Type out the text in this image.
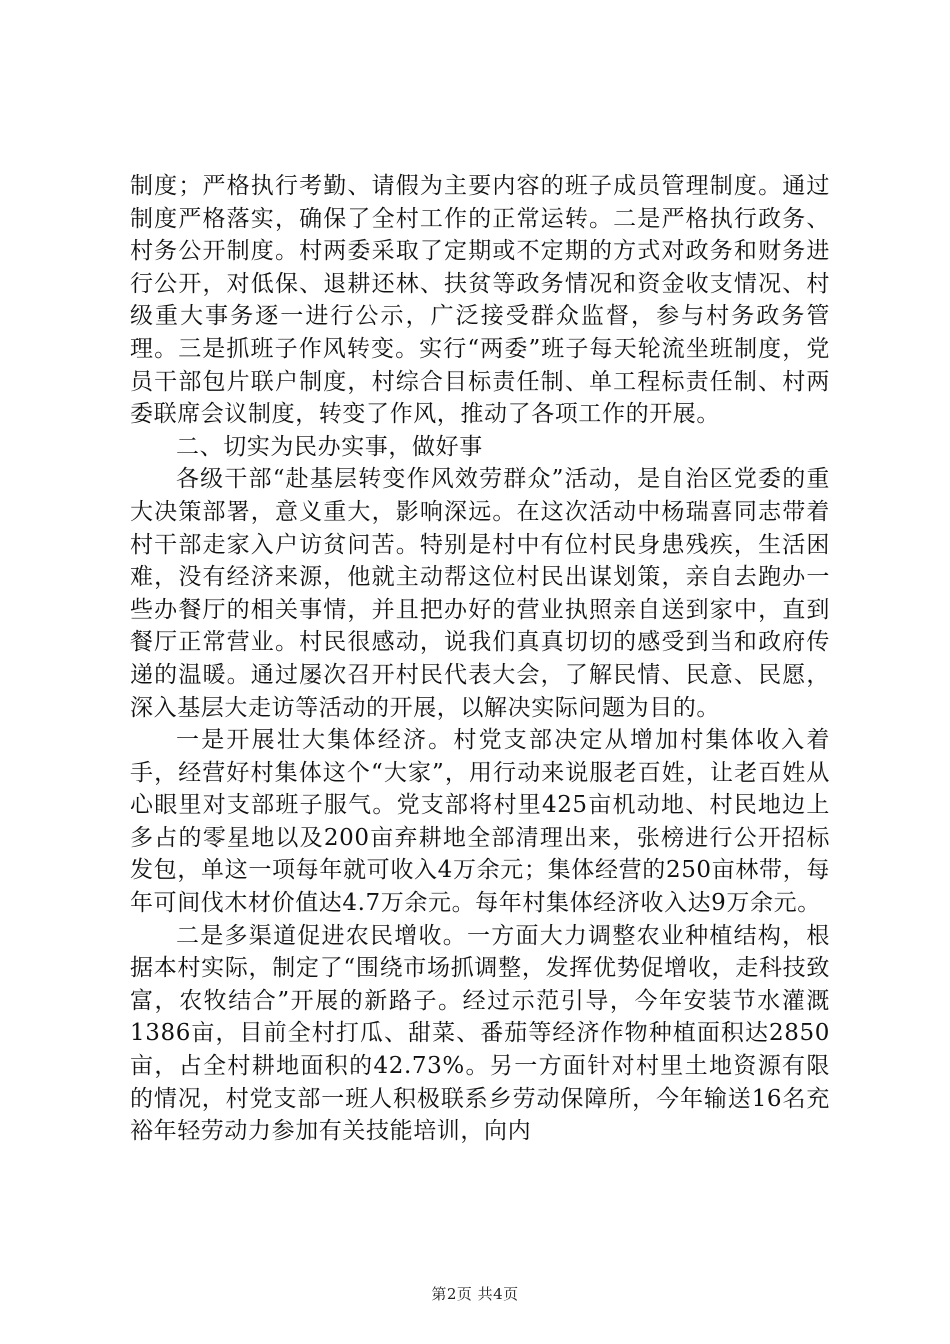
制度；严格执行考勤、请假为主要内容的班子成员管理制度。通过制度严格落实，确保了全村工作的正常运转。二是严格执行政务、村务公开制度。村两委采取了定期或不定期的方式对政务和财务进行公开，对低保、退耕还林、扶贫等政务情况和资金收支情况、村级重大事务逐一进行公示，广泛接受群众监督，参与村务政务管理。三是抓班子作风转变。实行“两委”班子每天轮流坐班制度，党员干部包片联户制度，村综合目标责任制、单工程标责任制、村两委联席会议制度，转变了作风，推动了各项工作的开展。

二、切实为民办实事，做好事

各级干部“赴基层转变作风效劳群众”活动，是自治区党委的重大决策部署，意义重大，影响深远。在这次活动中杨瑞喜同志带着村干部走家入户访贫问苦。特别是村中有位村民身患残疾，生活困难，没有经济来源，他就主动帮这位村民出谋划策，亲自去跑办一些办餐厅的相关事情，并且把办好的营业执照亲自送到家中，直到餐厅正常营业。村民很感动，说我们真真切切的感受到当和政府传递的温暖。通过屡次召开村民代表大会，了解民情、民意、民愿，深入基层大走访等活动的开展，以解决实际问题为目的。

一是开展壮大集体经济。村党支部决定从增加村集体收入着手，经营好村集体这个“大家”，用行动来说服老百姓，让老百姓从心眼里对支部班子服气。党支部将村里425亩机动地、村民地边上多占的零星地以及200亩弃耕地全部清理出来，张榜进行公开招标发包，单这一项每年就可收入4万余元；集体经营的250亩林带，每年可间伐木材价值达4.7万余元。每年村集体经济收入达9万余元。

二是多渠道促进农民增收。一方面大力调整农业种植结构，根据本村实际，制定了“围绕市场抓调整，发挥优势促增收，走科技致富，农牧结合”开展的新路子。经过示范引导，今年安装节水灌溉1386亩，目前全村打瓜、甜菜、番茄等经济作物种植面积达2850亩，占全村耕地面积的42.73%。另一方面针对村里土地资源有限的情况，村党支部一班人积极联系乡劳动保障所，今年输送16名充裕年轻劳动力参加有关技能培训，向内

第2页 共4页
